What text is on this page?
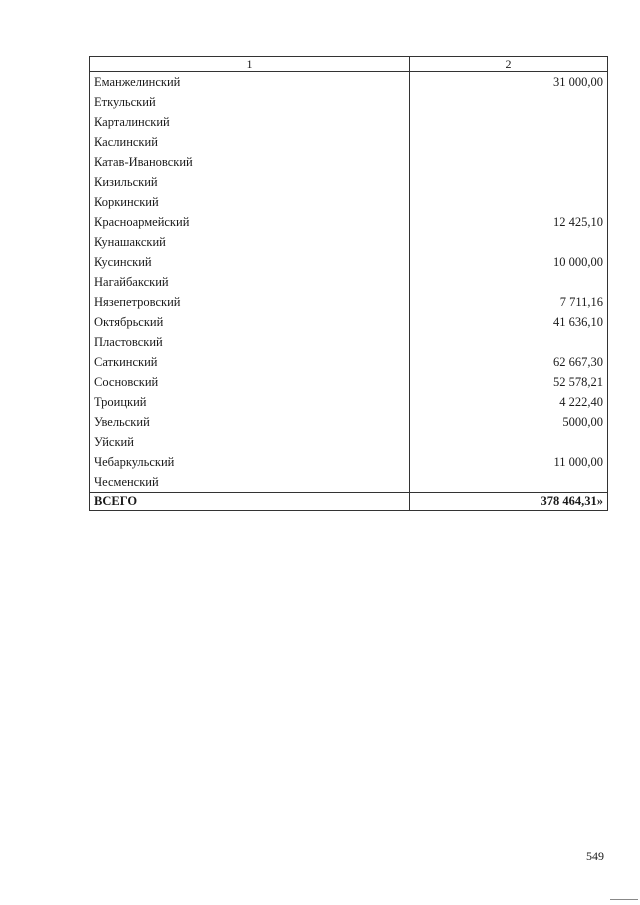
1	2
Еманжелинский	31 000,00
Еткульский	
Карталинский	
Каслинский	
Катав-Ивановский	
Кизильский	
Коркинский	
Красноармейский	12 425,10
Кунашакский	
Кусинский	10 000,00
Нагайбакский	
Нязепетровский	7 711,16
Октябрьский	41 636,10
Пластовский	
Саткинский	62 667,30
Сосновский	52 578,21
Троицкий	4 222,40
Увельский	5000,00
Уйский	
Чебаркульский	11 000,00
Чесменский	
ВСЕГО	378 464,31»
549
